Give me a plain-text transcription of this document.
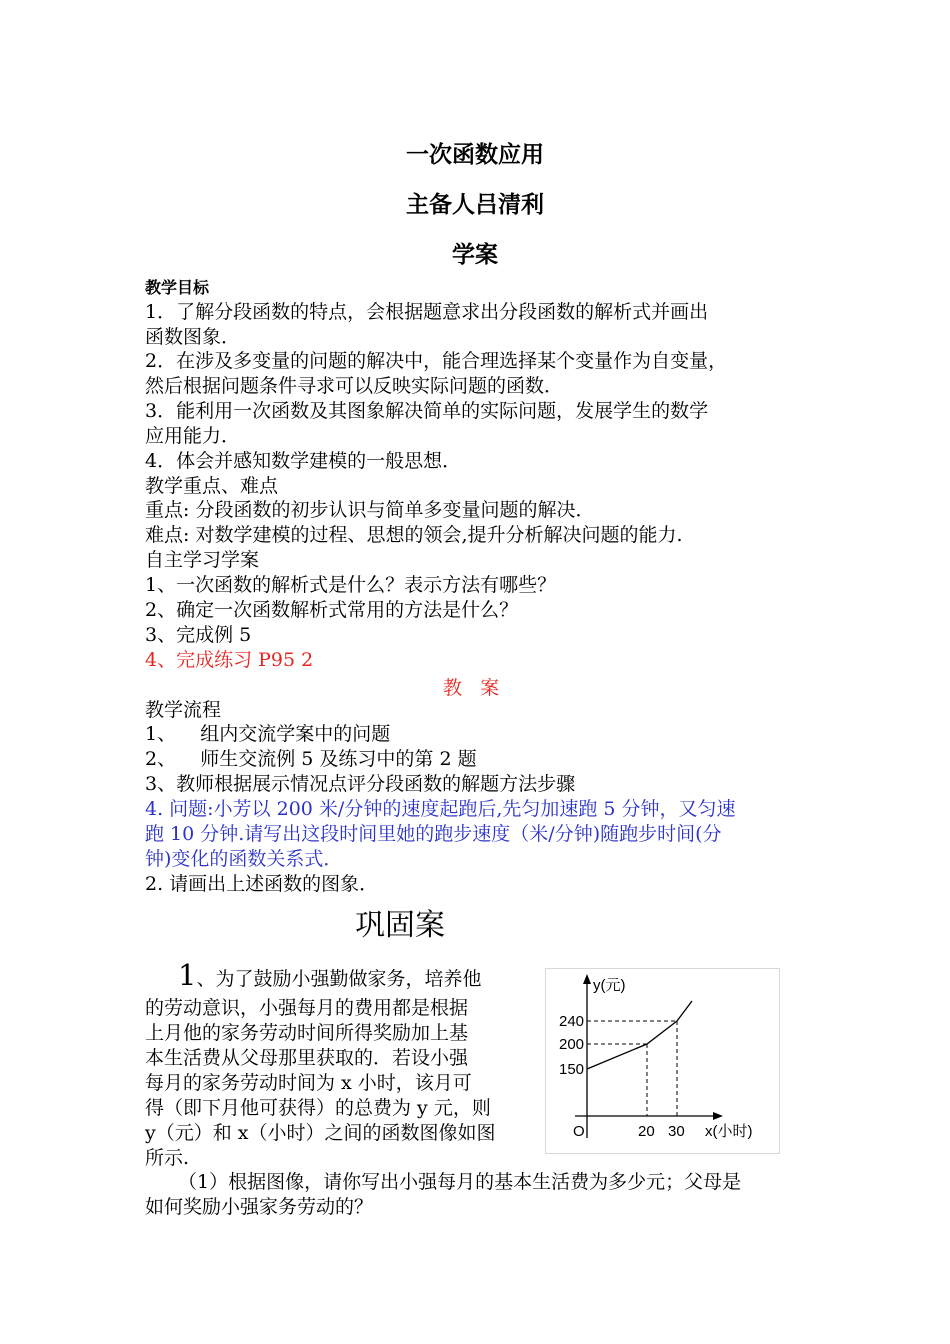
一次函数应用
主备人吕清利
学案
教学目标
1．了解分段函数的特点，会根据题意求出分段函数的解析式并画出
函数图象．
2．在涉及多变量的问题的解决中，能合理选择某个变量作为自变量，
然后根据问题条件寻求可以反映实际问题的函数．
3．能利用一次函数及其图象解决简单的实际问题，发展学生的数学
应用能力．
4．体会并感知数学建模的一般思想．
教学重点、难点
重点: 分段函数的初步认识与简单多变量问题的解决．
难点: 对数学建模的过程、思想的领会,提升分析解决问题的能力.
自主学习学案
1、一次函数的解析式是什么？表示方法有哪些？
2、确定一次函数解析式常用的方法是什么？
3、完成例 5
4、完成练习 P95 2
教   案
教学流程
1、    组内交流学案中的问题
2、    师生交流例 5 及练习中的第 2 题
3、教师根据展示情况点评分段函数的解题方法步骤
4. 问题:小芳以 200 米/分钟的速度起跑后,先匀加速跑 5 分钟，又匀速
跑 10 分钟.请写出这段时间里她的跑步速度（米/分钟)随跑步时间(分
钟)变化的函数关系式．
2. 请画出上述函数的图象．
巩固案
1、为了鼓励小强勤做家务，培养他
的劳动意识，小强每月的费用都是根据
上月他的家务劳动时间所得奖励加上基
本生活费从父母那里获取的．若设小强
每月的家务劳动时间为 x 小时，该月可
得（即下月他可获得）的总费为 y 元，则
y（元）和 x（小时）之间的函数图像如图
所示.
（1）根据图像，请你写出小强每月的基本生活费为多少元；父母是
如何奖励小强家务劳动的？
y(元)
x(小时)
O
240
200
150
20 30
